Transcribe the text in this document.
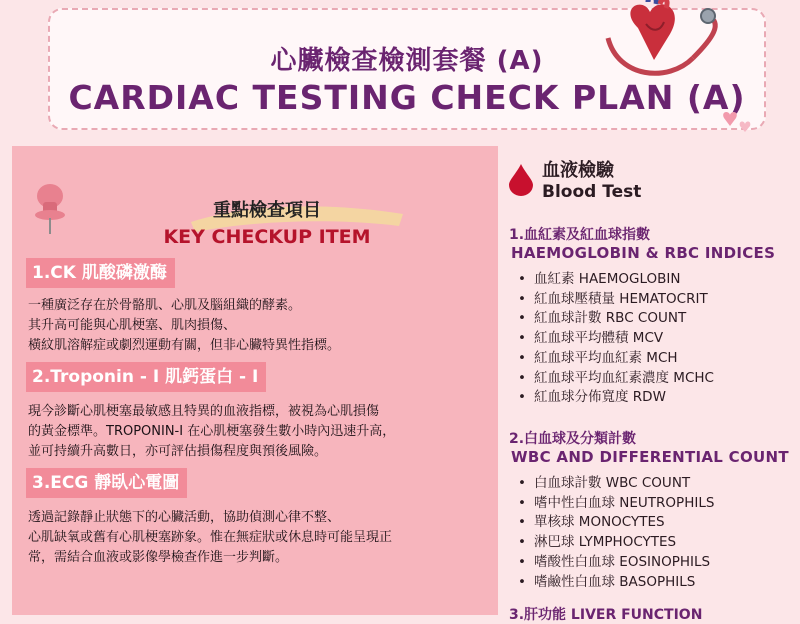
心臟檢查檢測套餐 (A)
CARDIAC TESTING CHECK PLAN (A)
重點檢查項目
KEY CHECKUP ITEM
1.CK 肌酸磷激酶
一種廣泛存在於骨骼肌、心肌及腦組織的酵素。
其升高可能與心肌梗塞、肌肉損傷、
橫紋肌溶解症或劇烈運動有關，但非心臟特異性指標。
2.Troponin - I 肌鈣蛋白 - I
現今診斷心肌梗塞最敏感且特異的血液指標，被視為心肌損傷
的黃金標準。TROPONIN-I 在心肌梗塞發生數小時內迅速升高，
並可持續升高數日，亦可評估損傷程度與預後風險。
3.ECG 靜臥心電圖
透過記錄靜止狀態下的心臟活動，協助偵測心律不整、
心肌缺氧或舊有心肌梗塞跡象。惟在無症狀或休息時可能呈現正
常，需結合血液或影像學檢查作進一步判斷。
血液檢驗
Blood Test
1.血紅素及紅血球指數
HAEMOGLOBIN & RBC INDICES
• 血紅素 HAEMOGLOBIN
• 紅血球壓積量 HEMATOCRIT
• 紅血球計數 RBC COUNT
• 紅血球平均體積 MCV
• 紅血球平均血紅素 MCH
• 紅血球平均血紅素濃度 MCHC
• 紅血球分佈寬度 RDW
2.白血球及分類計數
WBC AND DIFFERENTIAL COUNT
• 白血球計數 WBC COUNT
• 嗜中性白血球 NEUTROPHILS
• 單核球 MONOCYTES
• 淋巴球 LYMPHOCYTES
• 嗜酸性白血球 EOSINOPHILS
• 嗜鹼性白血球 BASOPHILS
3.肝功能 LIVER FUNCTION
